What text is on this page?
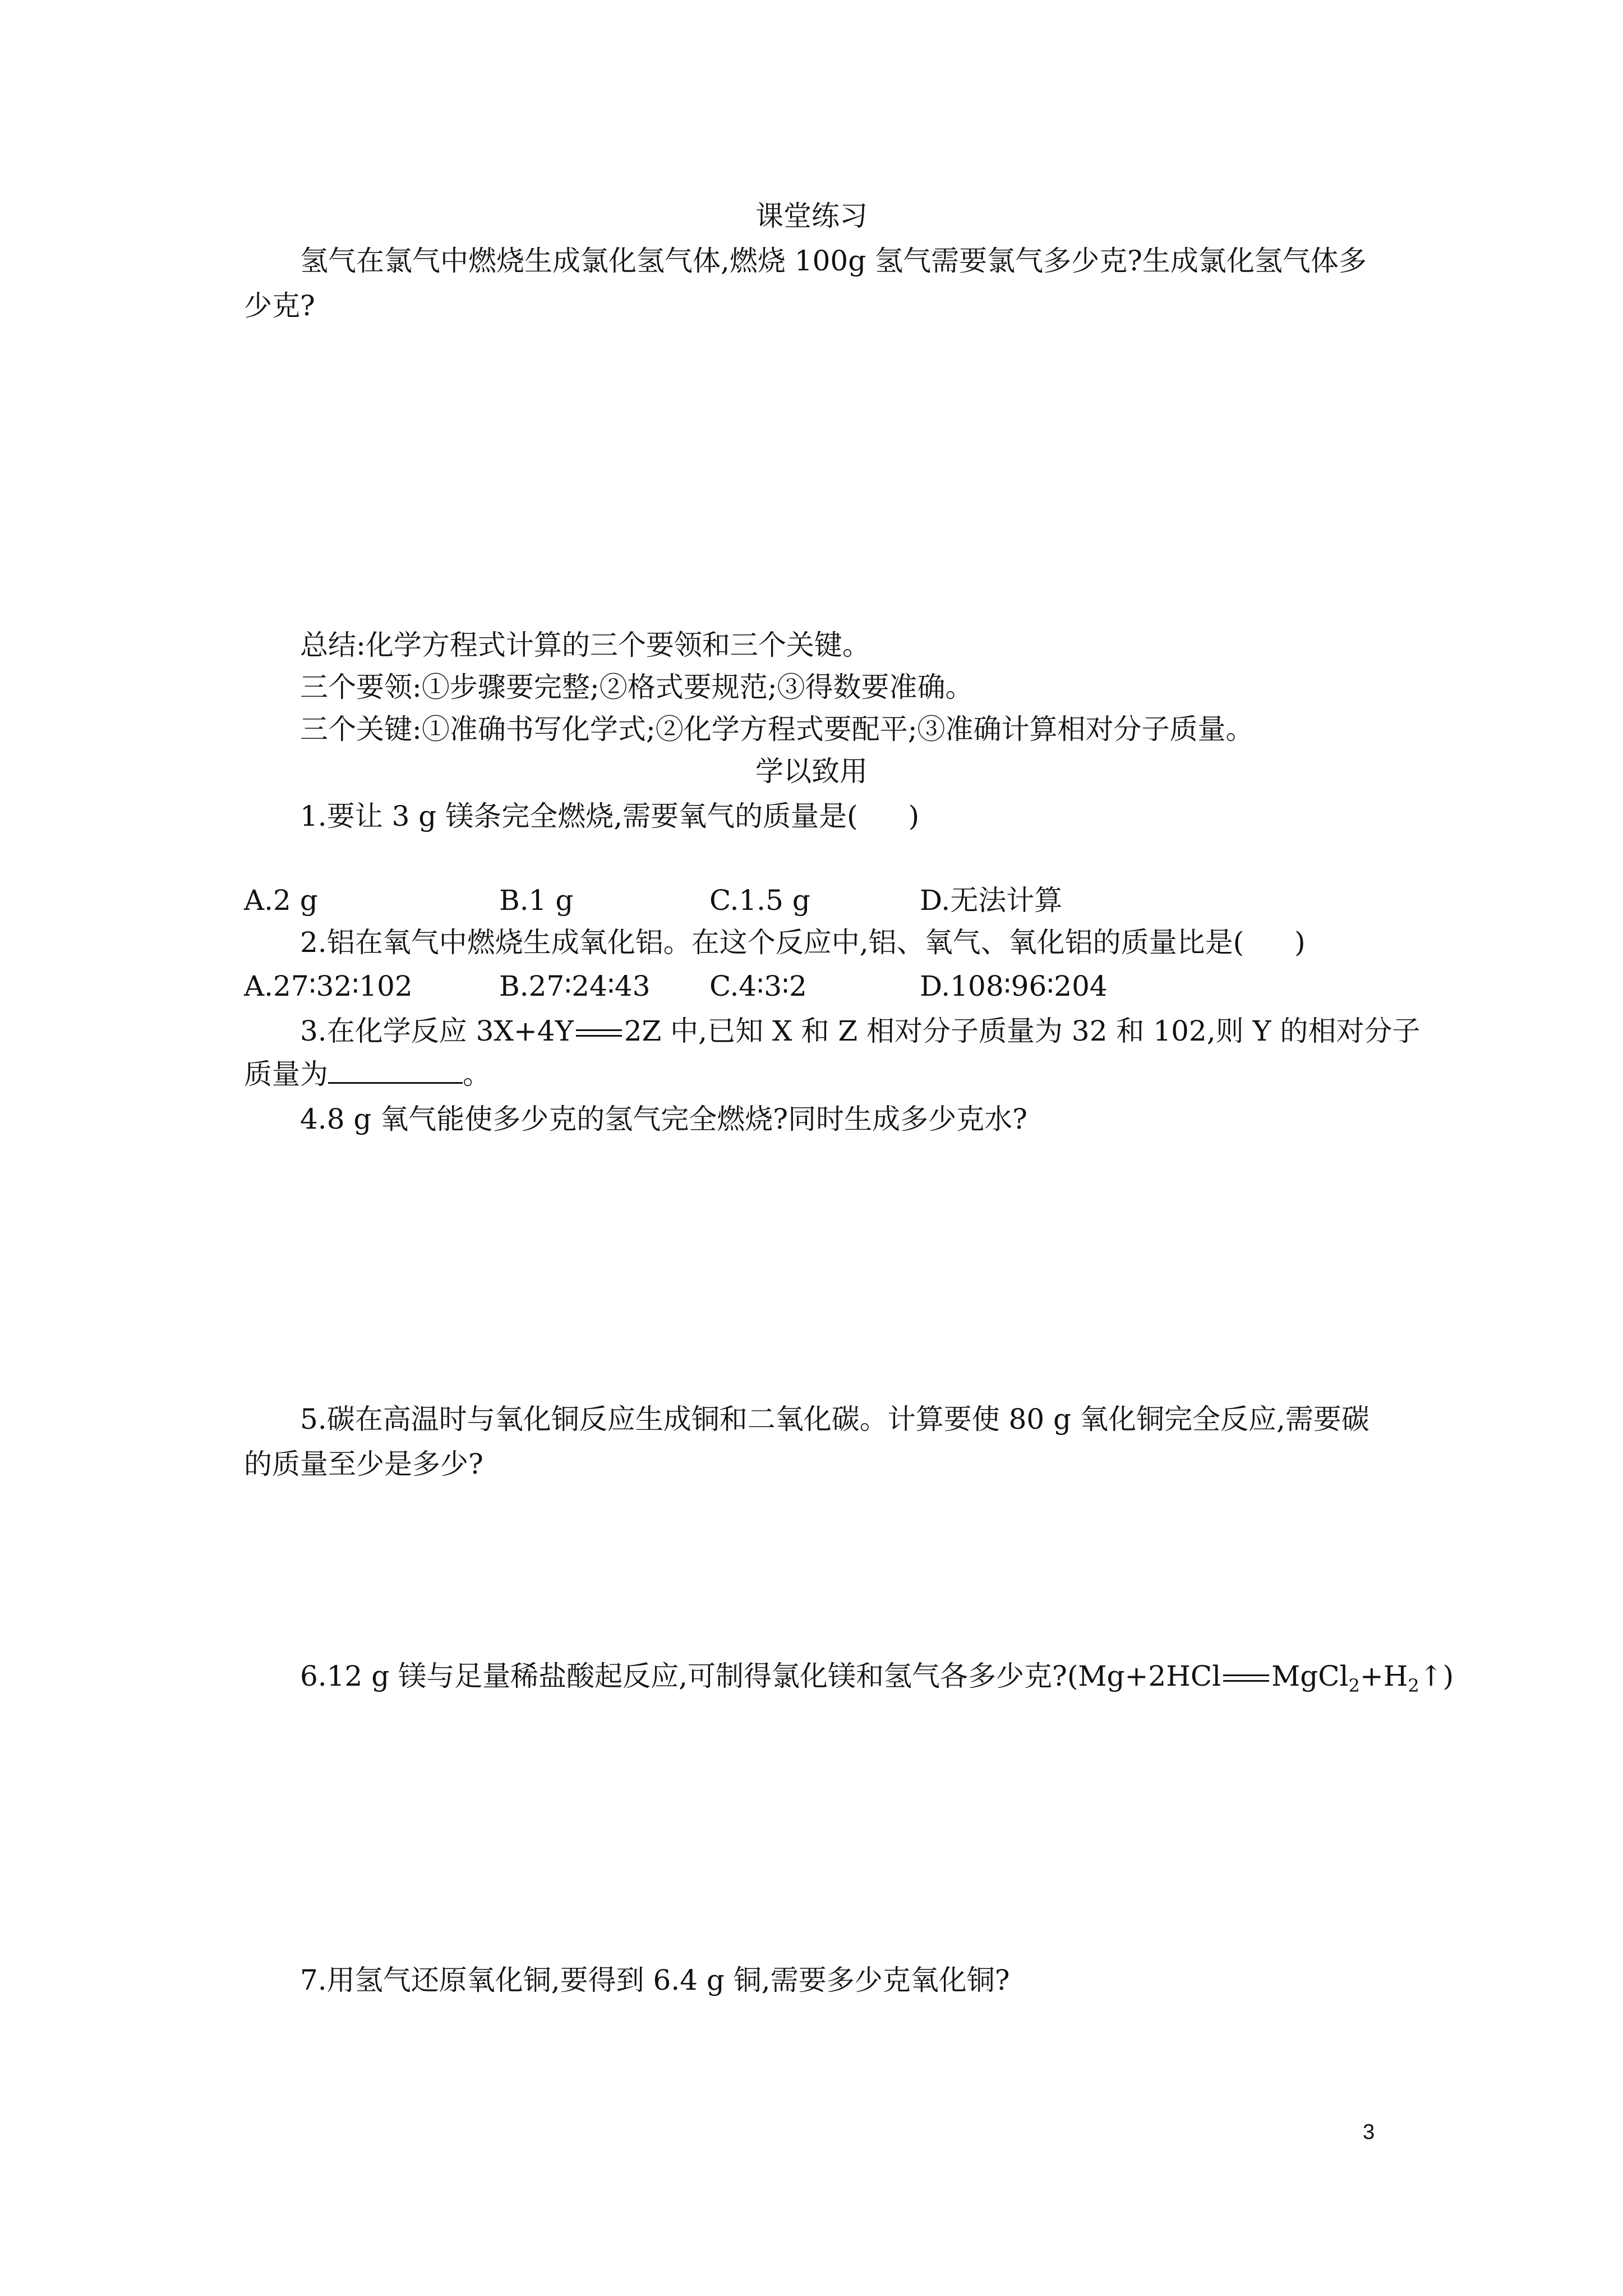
课堂练习
氢气在氯气中燃烧生成氯化氢气体,燃烧 100g 氢气需要氯气多少克?生成氯化氢气体多
少克?
总结:化学方程式计算的三个要领和三个关键。
三个要领:①步骤要完整;②格式要规范;③得数要准确。
三个关键:①准确书写化学式;②化学方程式要配平;③准确计算相对分子质量。
学以致用
1.要让 3 g 镁条完全燃烧,需要氧气的质量是( )
A.2 g	B.1 g	C.1.5 g	D.无法计算
2.铝在氧气中燃烧生成氧化铝。在这个反应中,铝、氧气、氧化铝的质量比是( )
A.27∶32∶102	B.27∶24∶43 C.4∶3∶2	D.108∶96∶204
3.在化学反应 3X+4Y 2Z 中,已知 X 和 Z 相对分子质量为 32 和 102,则 Y 的相对分子
质量为	。
4.8 g 氧气能使多少克的氢气完全燃烧?同时生成多少克水?
5.碳在高温时与氧化铜反应生成铜和二氧化碳。计算要使 80 g 氧化铜完全反应,需要碳
的质量至少是多少?
6.12 g 镁与足量稀盐酸起反应,可制得氯化镁和氢气各多少克?(Mg+2HCl $MgCl_2+H_2↑$)
7.用氢气还原氧化铜,要得到 6.4 g 铜,需要多少克氧化铜?
3
